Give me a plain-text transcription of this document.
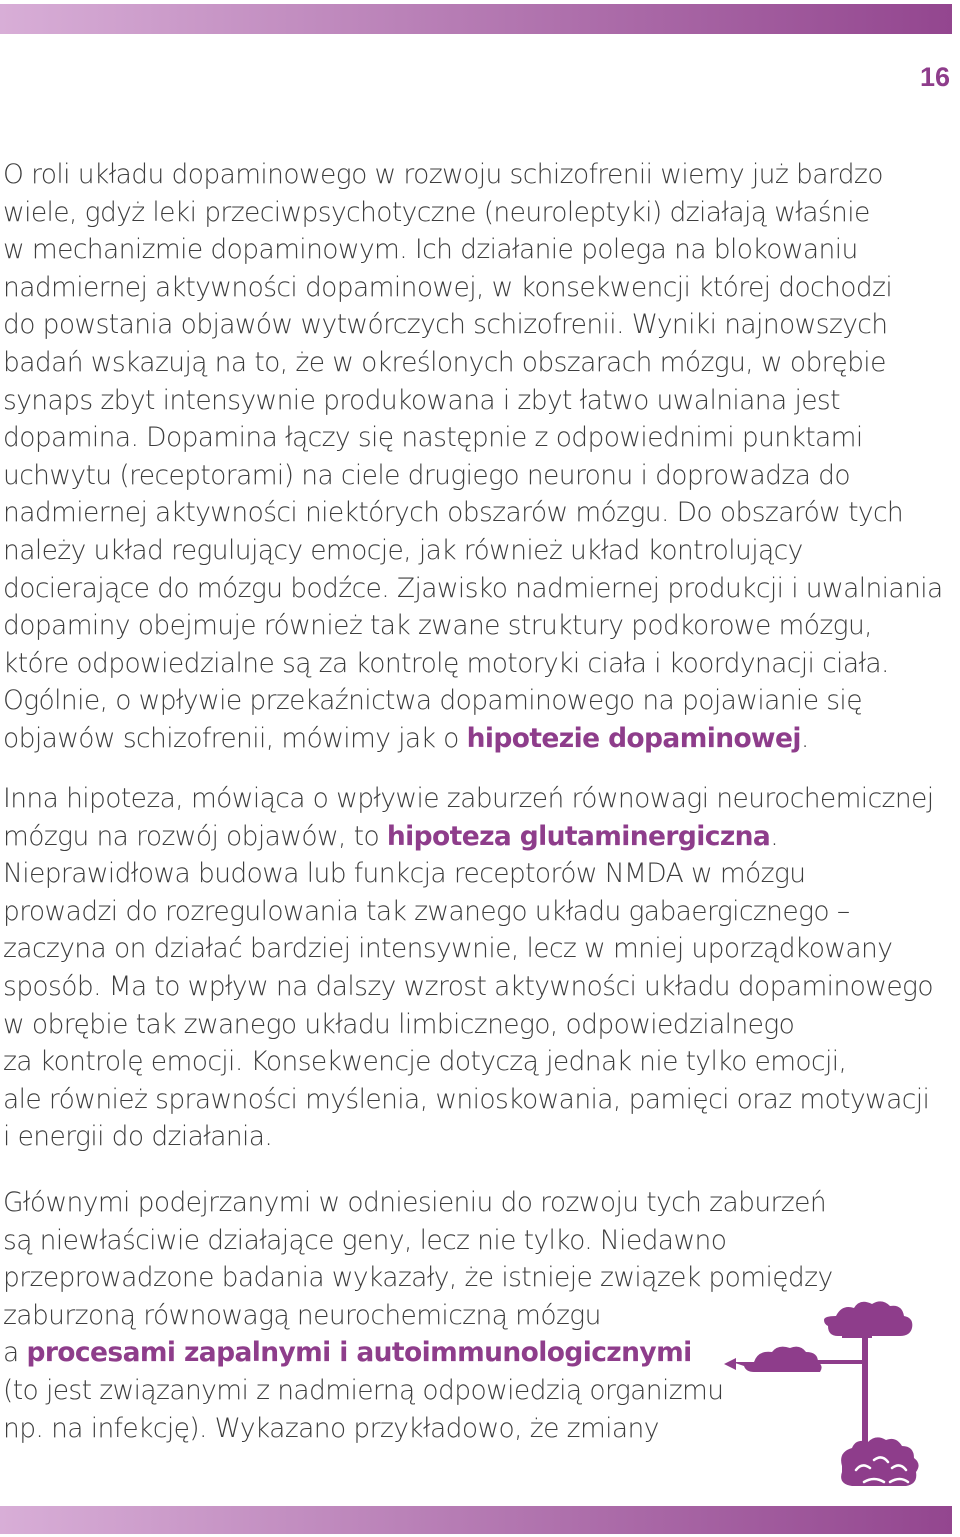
16
O roli układu dopaminowego w rozwoju schizofrenii wiemy już bardzo
wiele, gdyż leki przeciwpsychotyczne (neuroleptyki) działają właśnie
w mechanizmie dopaminowym. Ich działanie polega na blokowaniu
nadmiernej aktywności dopaminowej, w konsekwencji której dochodzi
do powstania objawów wytwórczych schizofrenii. Wyniki najnowszych
badań wskazują na to, że w określonych obszarach mózgu, w obrębie
synaps zbyt intensywnie produkowana i zbyt łatwo uwalniana jest
dopamina. Dopamina łączy się następnie z odpowiednimi punktami
uchwytu (receptorami) na ciele drugiego neuronu i doprowadza do
nadmiernej aktywności niektórych obszarów mózgu. Do obszarów tych
należy układ regulujący emocje, jak również układ kontrolujący
docierające do mózgu bodźce. Zjawisko nadmiernej produkcji i uwalniania
dopaminy obejmuje również tak zwane struktury podkorowe mózgu,
które odpowiedzialne są za kontrolę motoryki ciała i koordynacji ciała.
Ogólnie, o wpływie przekaźnictwa dopaminowego na pojawianie się
objawów schizofrenii, mówimy jak o hipotezie dopaminowej.
Inna hipoteza, mówiąca o wpływie zaburzeń równowagi neurochemicznej
mózgu na rozwój objawów, to hipoteza glutaminergiczna.
Nieprawidłowa budowa lub funkcja receptorów NMDA w mózgu
prowadzi do rozregulowania tak zwanego układu gabaergicznego –
zaczyna on działać bardziej intensywnie, lecz w mniej uporządkowany
sposób. Ma to wpływ na dalszy wzrost aktywności układu dopaminowego
w obrębie tak zwanego układu limbicznego, odpowiedzialnego
za kontrolę emocji. Konsekwencje dotyczą jednak nie tylko emocji,
ale również sprawności myślenia, wnioskowania, pamięci oraz motywacji
i energii do działania.
Głównymi podejrzanymi w odniesieniu do rozwoju tych zaburzeń
są niewłaściwie działające geny, lecz nie tylko. Niedawno
przeprowadzone badania wykazały, że istnieje związek pomiędzy
zaburzoną równowagą neurochemiczną mózgu
a procesami zapalnymi i autoimmunologicznymi
(to jest związanymi z nadmierną odpowiedzią organizmu
np. na infekcję). Wykazano przykładowo, że zmiany
